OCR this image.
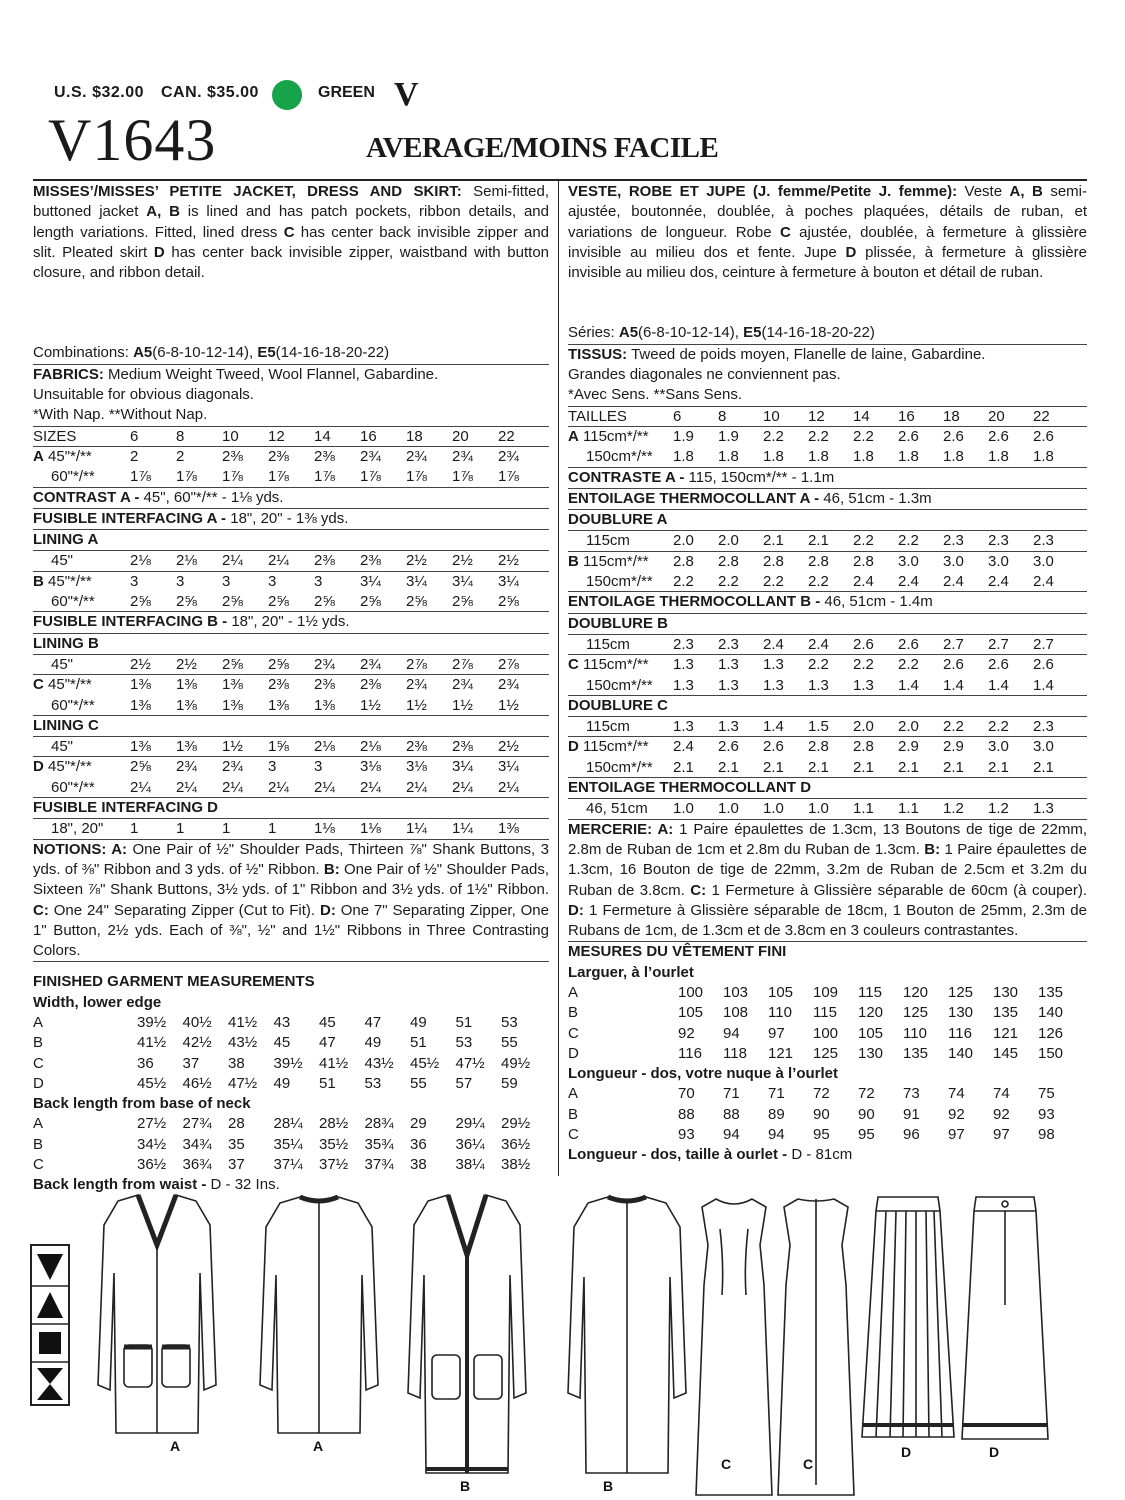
U.S. $32.00 CAN. $35.00	GREEN V
V1643	AVERAGE/MOINS FACILE
MISSES’/MISSES’ PETITE JACKET, DRESS AND SKIRT: Semi-fitted, buttoned jacket A, B is lined and has patch pockets, ribbon details, and length variations. Fitted, lined dress C has center back invisible zipper and slit. Pleated skirt D has center back invisible zipper, waistband with button closure, and ribbon detail.
Combinations: A5(6-8-10-12-14), E5(14-16-18-20-22)
FABRICS: Medium Weight Tweed, Wool Flannel, Gabardine.
Unsuitable for obvious diagonals.
*With Nap. **Without Nap.
SIZES	6	8	10	12	14	16	18	20	22
A 45"*/**	2	2	2⅜	2⅜	2⅜	2¾	2¾	2¾	2¾
60"*/**	1⅞	1⅞	1⅞	1⅞	1⅞	1⅞	1⅞	1⅞	1⅞
CONTRAST A - 45", 60"*/** - 1⅛ yds.
FUSIBLE INTERFACING A - 18", 20" - 1⅜ yds.
LINING A
45"	2⅛	2⅛	2¼	2¼	2⅜	2⅜	2½	2½	2½
B 45"*/**	3	3	3	3	3	3¼	3¼	3¼	3¼
60"*/**	2⅝	2⅝	2⅝	2⅝	2⅝	2⅝	2⅝	2⅝	2⅝
FUSIBLE INTERFACING B - 18", 20" - 1½ yds.
LINING B
45"	2½	2½	2⅝	2⅝	2¾	2¾	2⅞	2⅞	2⅞
C 45"*/**	1⅜	1⅜	1⅜	2⅜	2⅜	2⅜	2¾	2¾	2¾
60"*/**	1⅜	1⅜	1⅜	1⅜	1⅜	1½	1½	1½	1½
LINING C
45"	1⅜	1⅜	1½	1⅝	2⅛	2⅛	2⅜	2⅜	2½
D 45"*/**	2⅝	2¾	2¾	3	3	3⅛	3⅛	3¼	3¼
60"*/**	2¼	2¼	2¼	2¼	2¼	2¼	2¼	2¼	2¼
FUSIBLE INTERFACING D
18", 20"	1	1	1	1	1⅛	1⅛	1¼	1¼	1⅜
NOTIONS: A: One Pair of ½" Shoulder Pads, Thirteen ⅞" Shank Buttons, 3 yds. of ⅜" Ribbon and 3 yds. of ½" Ribbon. B: One Pair of ½" Shoulder Pads, Sixteen ⅞" Shank Buttons, 3½ yds. of 1" Ribbon and 3½ yds. of 1½" Ribbon. C: One 24" Separating Zipper (Cut to Fit). D: One 7" Separating Zipper, One 1" Button, 2½ yds. Each of ⅜", ½" and 1½" Ribbons in Three Contrasting Colors.
FINISHED GARMENT MEASUREMENTS
Width, lower edge
A	39½	40½	41½	43	45	47	49	51	53
B	41½	42½	43½	45	47	49	51	53	55
C	36	37	38	39½	41½	43½	45½	47½	49½
D	45½	46½	47½	49	51	53	55	57	59
Back length from base of neck
A	27½	27¾	28	28¼	28½	28¾	29	29¼	29½
B	34½	34¾	35	35¼	35½	35¾	36	36¼	36½
C	36½	36¾	37	37¼	37½	37¾	38	38¼	38½
Back length from waist - D - 32 Ins.
VESTE, ROBE ET JUPE (J. femme/Petite J. femme): Veste A, B semi-ajustée, boutonnée, doublée, à poches plaquées, détails de ruban, et variations de longueur. Robe C ajustée, doublée, à fermeture à glissière invisible au milieu dos et fente. Jupe D plissée, à fermeture à glissière invisible au milieu dos, ceinture à fermeture à bouton et détail de ruban.
Séries: A5(6-8-10-12-14), E5(14-16-18-20-22)
TISSUS: Tweed de poids moyen, Flanelle de laine, Gabardine.
Grandes diagonales ne conviennent pas.
*Avec Sens. **Sans Sens.
TAILLES	6	8	10	12	14	16	18	20	22
A 115cm*/**	1.9	1.9	2.2	2.2	2.2	2.6	2.6	2.6	2.6
150cm*/**	1.8	1.8	1.8	1.8	1.8	1.8	1.8	1.8	1.8
CONTRASTE A - 115, 150cm*/** - 1.1m
ENTOILAGE THERMOCOLLANT A - 46, 51cm - 1.3m
DOUBLURE A
115cm	2.0	2.0	2.1	2.1	2.2	2.2	2.3	2.3	2.3
B 115cm*/**	2.8	2.8	2.8	2.8	2.8	3.0	3.0	3.0	3.0
150cm*/**	2.2	2.2	2.2	2.2	2.4	2.4	2.4	2.4	2.4
ENTOILAGE THERMOCOLLANT B - 46, 51cm - 1.4m
DOUBLURE B
115cm	2.3	2.3	2.4	2.4	2.6	2.6	2.7	2.7	2.7
C 115cm*/**	1.3	1.3	1.3	2.2	2.2	2.2	2.6	2.6	2.6
150cm*/**	1.3	1.3	1.3	1.3	1.3	1.4	1.4	1.4	1.4
DOUBLURE C
115cm	1.3	1.3	1.4	1.5	2.0	2.0	2.2	2.2	2.3
D 115cm*/**	2.4	2.6	2.6	2.8	2.8	2.9	2.9	3.0	3.0
150cm*/**	2.1	2.1	2.1	2.1	2.1	2.1	2.1	2.1	2.1
ENTOILAGE THERMOCOLLANT D
46, 51cm	1.0	1.0	1.0	1.0	1.1	1.1	1.2	1.2	1.3
MERCERIE: A: 1 Paire épaulettes de 1.3cm, 13 Boutons de tige de 22mm, 2.8m de Ruban de 1cm et 2.8m du Ruban de 1.3cm. B: 1 Paire épaulettes de 1.3cm, 16 Bouton de tige de 22mm, 3.2m de Ruban de 2.5cm et 3.2m du Ruban de 3.8cm. C: 1 Fermeture à Glissière séparable de 60cm (à couper). D: 1 Fermeture à Glissière séparable de 18cm, 1 Bouton de 25mm, 2.3m de Rubans de 1cm, de 1.3cm et de 3.8cm en 3 couleurs contrastantes.
MESURES DU VÊTEMENT FINI
Larguer, à l’ourlet
A	100	103	105	109	115	120	125	130	135
B	105	108	110	115	120	125	130	135	140
C	92	94	97	100	105	110	116	121	126
D	116	118	121	125	130	135	140	145	150
Longueur - dos, votre nuque à l’ourlet
A	70	71	71	72	72	73	74	74	75
B	88	88	89	90	90	91	92	92	93
C	93	94	94	95	95	96	97	97	98
Longueur - dos, taille à ourlet - D - 81cm
A	A
B	B
C	C
D	D
